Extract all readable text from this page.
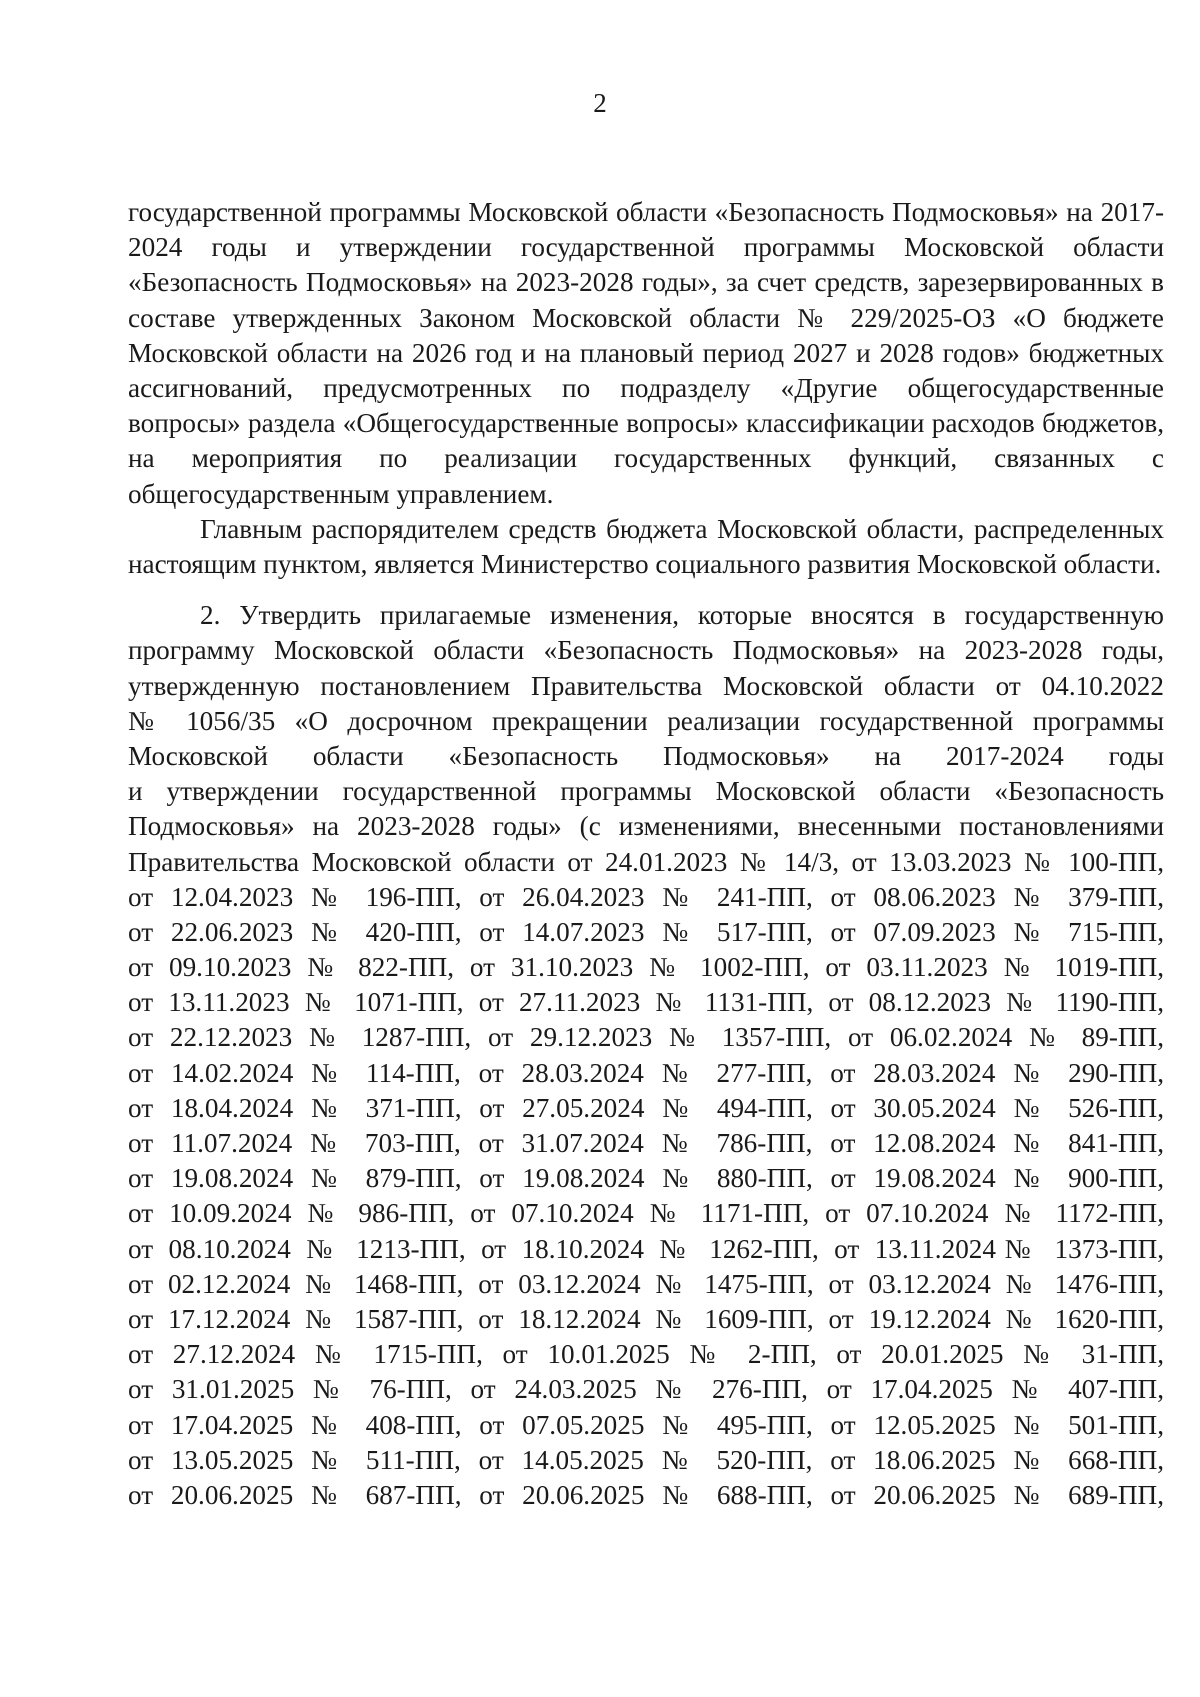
2

государственной программы Московской области «Безопасность Подмосковья» на 2017-2024 годы и утверждении государственной программы Московской области «Безопасность Подмосковья» на 2023-2028 годы», за счет средств, зарезервированных в составе утвержденных Законом Московской области № 229/2025-ОЗ «О бюджете Московской области на 2026 год и на плановый период 2027 и 2028 годов» бюджетных ассигнований, предусмотренных по подразделу «Другие общегосударственные вопросы» раздела «Общегосударственные вопросы» классификации расходов бюджетов, на мероприятия по реализации государственных функций, связанных с общегосударственным управлением.

Главным распорядителем средств бюджета Московской области, распределенных настоящим пунктом, является Министерство социального развития Московской области.

2. Утвердить прилагаемые изменения, которые вносятся в государственную
программу Московской области «Безопасность Подмосковья» на 2023-2028 годы,
утвержденную постановлением Правительства Московской области от 04.10.2022
№ 1056/35 «О досрочном прекращении реализации государственной программы
Московской области «Безопасность Подмосковья» на 2017-2024 годы
и утверждении государственной программы Московской области «Безопасность
Подмосковья» на 2023-2028 годы» (с изменениями, внесенными постановлениями
Правительства Московской области от 24.01.2023 № 14/3, от 13.03.2023 № 100-ПП,
от 12.04.2023 № 196-ПП, от 26.04.2023 № 241-ПП, от 08.06.2023 № 379-ПП,
от 22.06.2023 № 420-ПП, от 14.07.2023 № 517-ПП, от 07.09.2023 № 715-ПП,
от 09.10.2023 № 822-ПП, от 31.10.2023 № 1002-ПП, от 03.11.2023 № 1019-ПП,
от 13.11.2023 № 1071-ПП, от 27.11.2023 № 1131-ПП, от 08.12.2023 № 1190-ПП,
от 22.12.2023 № 1287-ПП, от 29.12.2023 № 1357-ПП, от 06.02.2024 № 89-ПП,
от 14.02.2024 № 114-ПП, от 28.03.2024 № 277-ПП, от 28.03.2024 № 290-ПП,
от 18.04.2024 № 371-ПП, от 27.05.2024 № 494-ПП, от 30.05.2024 № 526-ПП,
от 11.07.2024 № 703-ПП, от 31.07.2024 № 786-ПП, от 12.08.2024 № 841-ПП,
от 19.08.2024 № 879-ПП, от 19.08.2024 № 880-ПП, от 19.08.2024 № 900-ПП,
от 10.09.2024 № 986-ПП, от 07.10.2024 № 1171-ПП, от 07.10.2024 № 1172-ПП,
от 08.10.2024 № 1213-ПП, от 18.10.2024 № 1262-ПП, от 13.11.2024№ 1373-ПП,
от 02.12.2024 № 1468-ПП, от 03.12.2024 № 1475-ПП, от 03.12.2024 № 1476-ПП,
от 17.12.2024 № 1587-ПП, от 18.12.2024 № 1609-ПП, от 19.12.2024 № 1620-ПП,
от 27.12.2024 № 1715-ПП, от 10.01.2025 № 2-ПП, от 20.01.2025 № 31-ПП,
от 31.01.2025 № 76-ПП, от 24.03.2025 № 276-ПП, от 17.04.2025 № 407-ПП,
от 17.04.2025 № 408-ПП, от 07.05.2025 № 495-ПП, от 12.05.2025 № 501-ПП,
от 13.05.2025 № 511-ПП, от 14.05.2025 № 520-ПП, от 18.06.2025 № 668-ПП,
от 20.06.2025 № 687-ПП, от 20.06.2025 № 688-ПП, от 20.06.2025 № 689-ПП,
